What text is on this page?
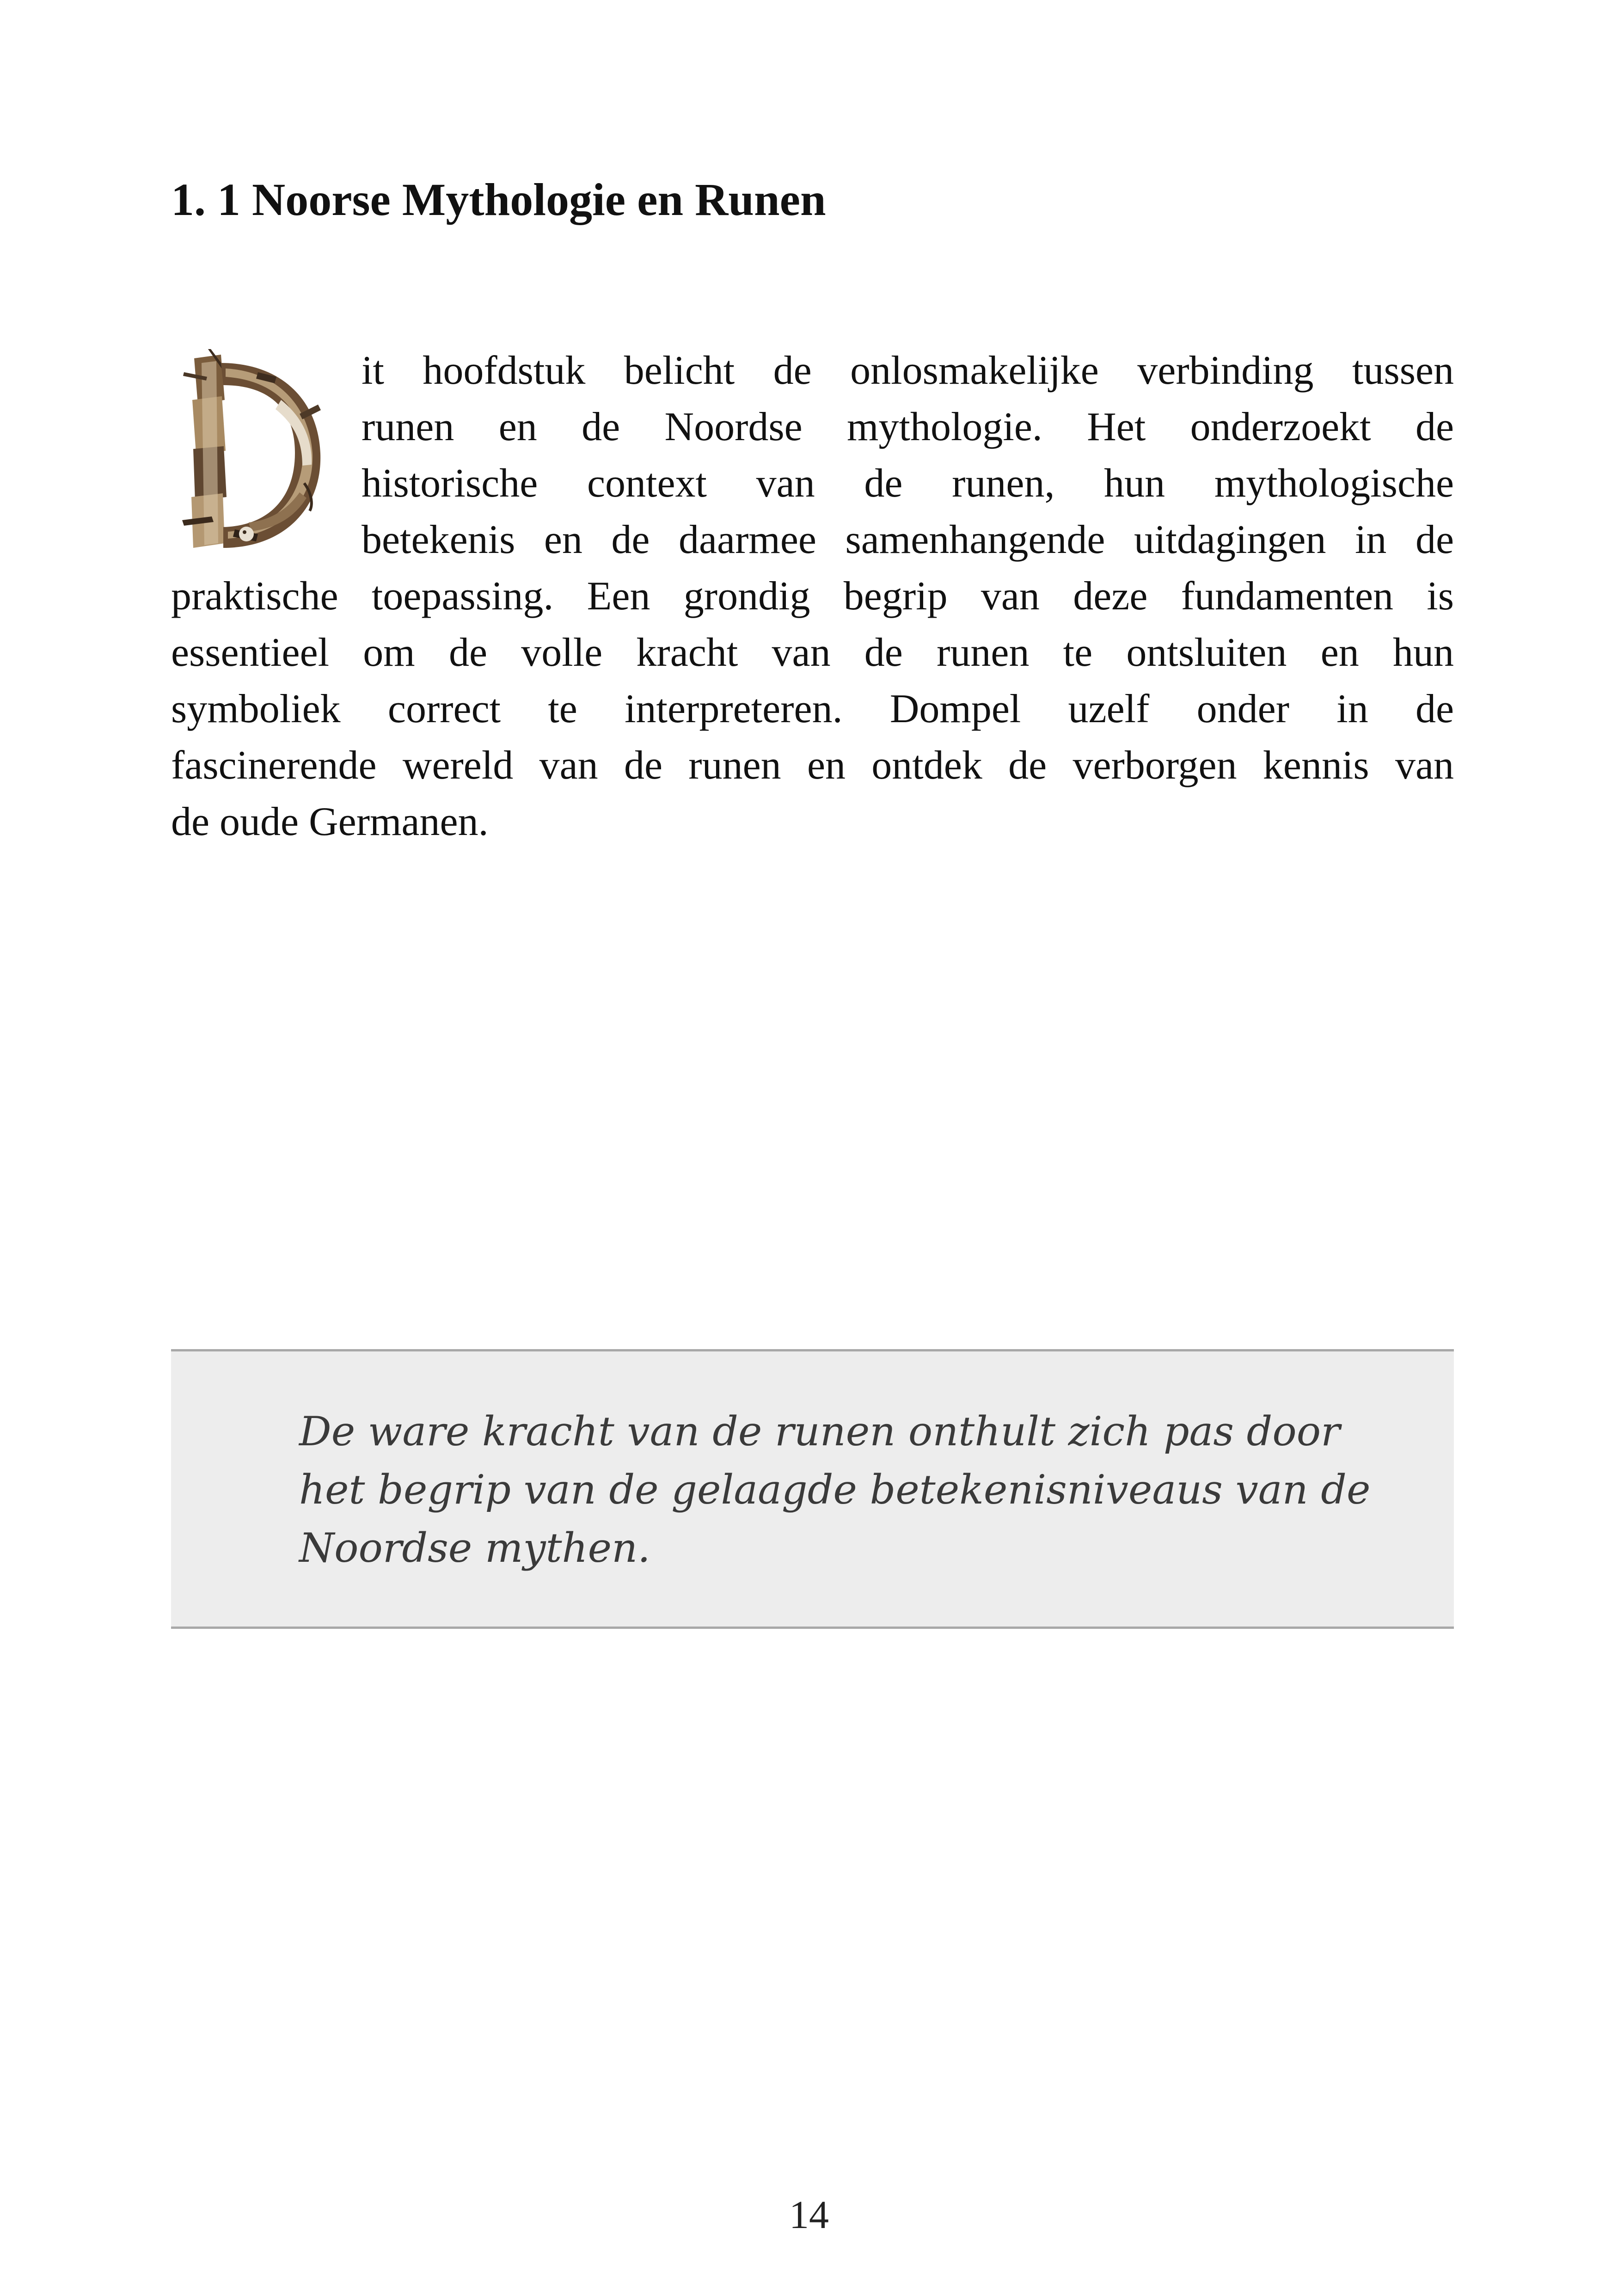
1. 1 Noorse Mythologie en Runen
it hoofdstuk belicht de onlosmakelijke verbinding tussen
runen en de Noordse mythologie. Het onderzoekt de
historische context van de runen, hun mythologische
betekenis en de daarmee samenhangende uitdagingen in de
praktische toepassing. Een grondig begrip van deze fundamenten is
essentieel om de volle kracht van de runen te ontsluiten en hun
symboliek correct te interpreteren. Dompel uzelf onder in de
fascinerende wereld van de runen en ontdek de verborgen kennis van
de oude Germanen.
De ware kracht van de runen onthult zich pas door
het begrip van de gelaagde betekenisniveaus van de
Noordse mythen.
14
